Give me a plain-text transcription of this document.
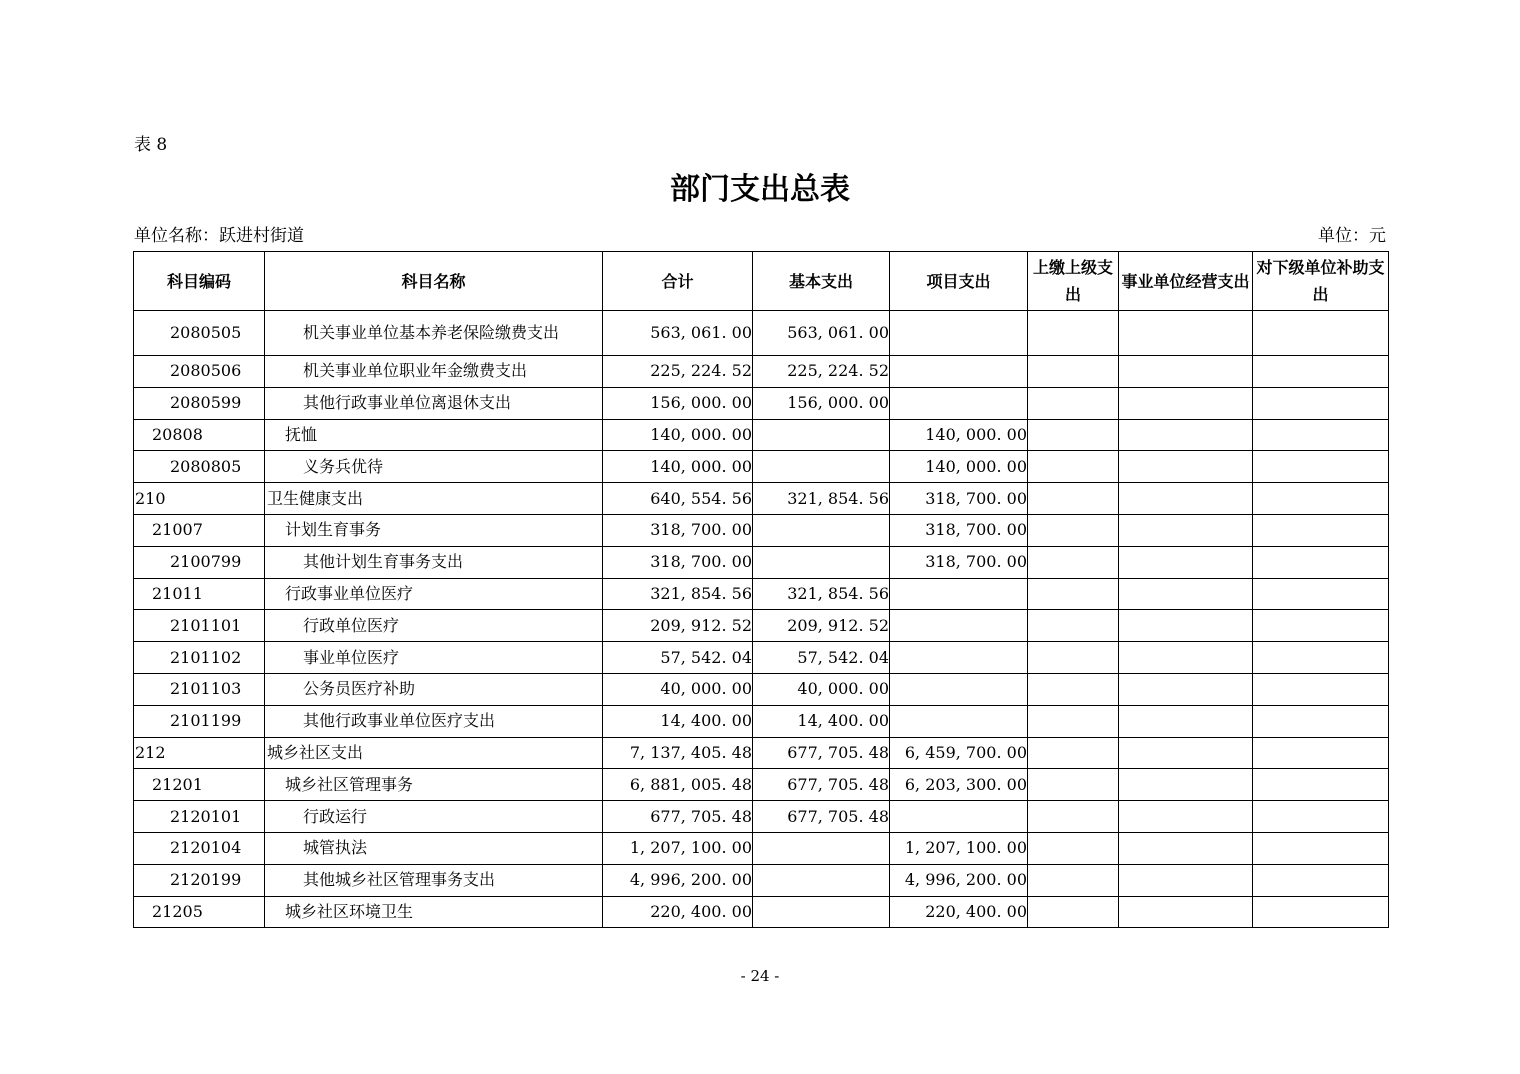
表 8
部门支出总表
单位名称：跃进村街道	单位：元
科目编码	科目名称	合计	基本支出	项目支出	上缴上级支出	事业单位经营支出	对下级单位补助支出
2080505	机关事业单位基本养老保险缴费支出	563, 061. 00	563, 061. 00				
2080506	机关事业单位职业年金缴费支出	225, 224. 52	225, 224. 52				
2080599	其他行政事业单位离退休支出	156, 000. 00	156, 000. 00				
20808	抚恤	140, 000. 00		140, 000. 00			
2080805	义务兵优待	140, 000. 00		140, 000. 00			
210	卫生健康支出	640, 554. 56	321, 854. 56	318, 700. 00			
21007	计划生育事务	318, 700. 00		318, 700. 00			
2100799	其他计划生育事务支出	318, 700. 00		318, 700. 00			
21011	行政事业单位医疗	321, 854. 56	321, 854. 56				
2101101	行政单位医疗	209, 912. 52	209, 912. 52				
2101102	事业单位医疗	57, 542. 04	57, 542. 04				
2101103	公务员医疗补助	40, 000. 00	40, 000. 00				
2101199	其他行政事业单位医疗支出	14, 400. 00	14, 400. 00				
212	城乡社区支出	7, 137, 405. 48	677, 705. 48	6, 459, 700. 00			
21201	城乡社区管理事务	6, 881, 005. 48	677, 705. 48	6, 203, 300. 00			
2120101	行政运行	677, 705. 48	677, 705. 48				
2120104	城管执法	1, 207, 100. 00		1, 207, 100. 00			
2120199	其他城乡社区管理事务支出	4, 996, 200. 00		4, 996, 200. 00			
21205	城乡社区环境卫生	220, 400. 00		220, 400. 00			
- 24 -
